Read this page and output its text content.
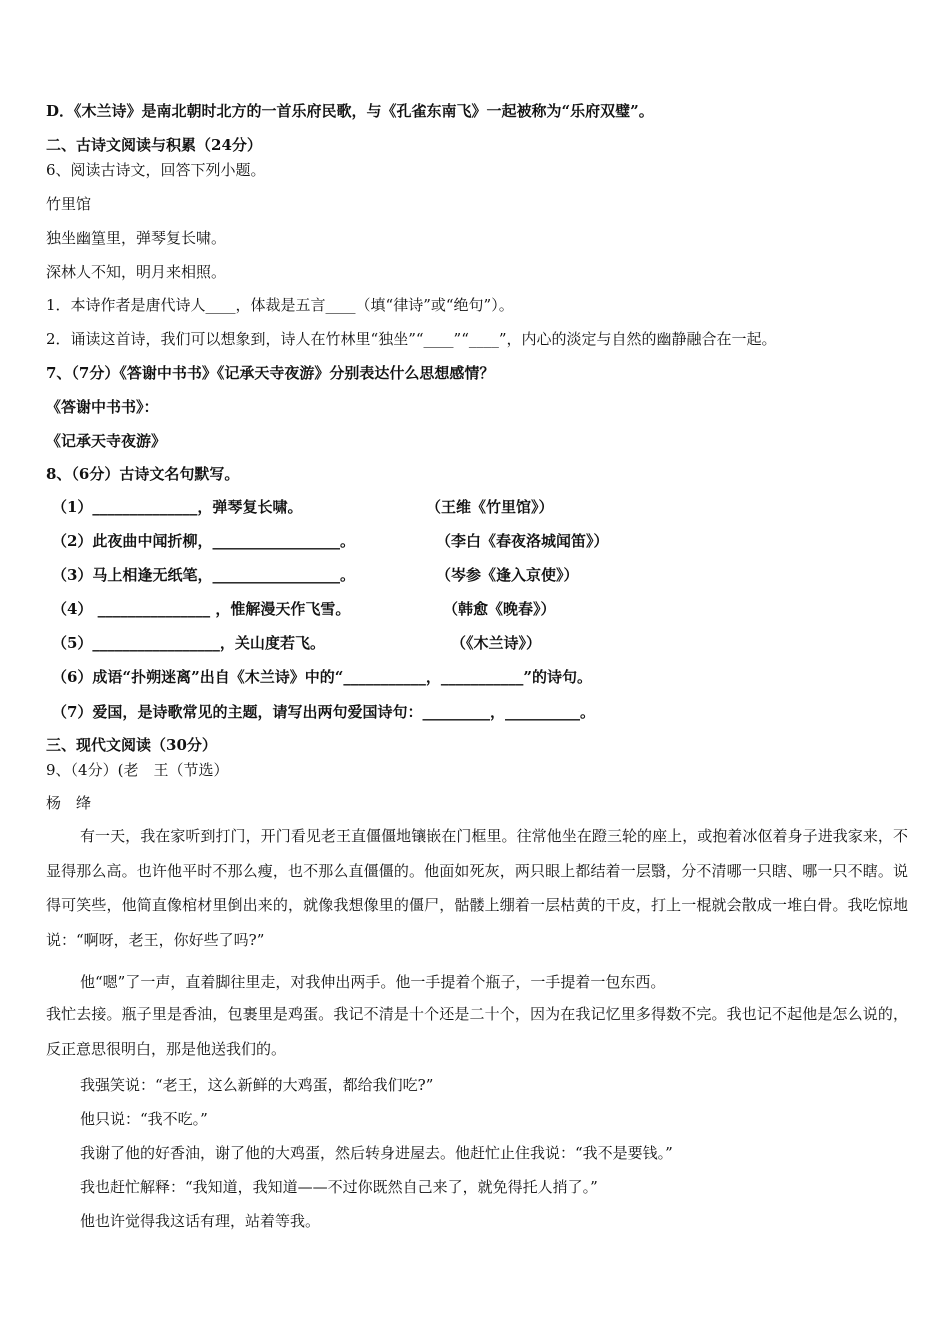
D．《木兰诗》是南北朝时北方的一首乐府民歌，与《孔雀东南飞》一起被称为“乐府双璧”。
二、古诗文阅读与积累（24分）
6、阅读古诗文，回答下列小题。
竹里馆
独坐幽篁里，弹琴复长啸。
深林人不知，明月来相照。
1．本诗作者是唐代诗人____，体裁是五言____（填“律诗”或“绝句”）。
2．诵读这首诗，我们可以想象到，诗人在竹林里“独坐”“____”“____”，内心的淡定与自然的幽静融合在一起。
7、（7分）《答谢中书书》《记承天寺夜游》分别表达什么思想感情？
《答谢中书书》：
《记承天寺夜游》
8、（6分）古诗文名句默写。
（1）______________，弹琴复长啸。	（王维《竹里馆》）
（2）此夜曲中闻折柳，_________________。	（李白《春夜洛城闻笛》）
（3）马上相逢无纸笔，_________________。	（岑参《逢入京使》）
（4） _______________ ，惟解漫天作飞雪。	（韩愈《晚春》）
（5）_________________，关山度若飞。	（《木兰诗》）
（6）成语“扑朔迷离”出自《木兰诗》中的“___________，___________”的诗句。
（7）爱国，是诗歌常见的主题，请写出两句爱国诗句：_________，__________。
三、现代文阅读（30分）
9、（4分）(老　王（节选）
杨　绛
有一天，我在家听到打门，开门看见老王直僵僵地镶嵌在门框里。往常他坐在蹬三轮的座上，或抱着冰伛着身子进我家来，不显得那么高。也许他平时不那么瘦，也不那么直僵僵的。他面如死灰，两只眼上都结着一层翳，分不清哪一只瞎、哪一只不瞎。说得可笑些，他简直像棺材里倒出来的，就像我想像里的僵尸，骷髅上绷着一层枯黄的干皮，打上一棍就会散成一堆白骨。我吃惊地说：“啊呀，老王，你好些了吗?”
他“嗯”了一声，直着脚往里走，对我伸出两手。他一手提着个瓶子，一手提着一包东西。
我忙去接。瓶子里是香油，包裹里是鸡蛋。我记不清是十个还是二十个，因为在我记忆里多得数不完。我也记不起他是怎么说的，反正意思很明白，那是他送我们的。
我强笑说：“老王，这么新鲜的大鸡蛋，都给我们吃?”
他只说：“我不吃。”
我谢了他的好香油，谢了他的大鸡蛋，然后转身进屋去。他赶忙止住我说：“我不是要钱。”
我也赶忙解释：“我知道，我知道——不过你既然自己来了，就免得托人捎了。”
他也许觉得我这话有理，站着等我。
